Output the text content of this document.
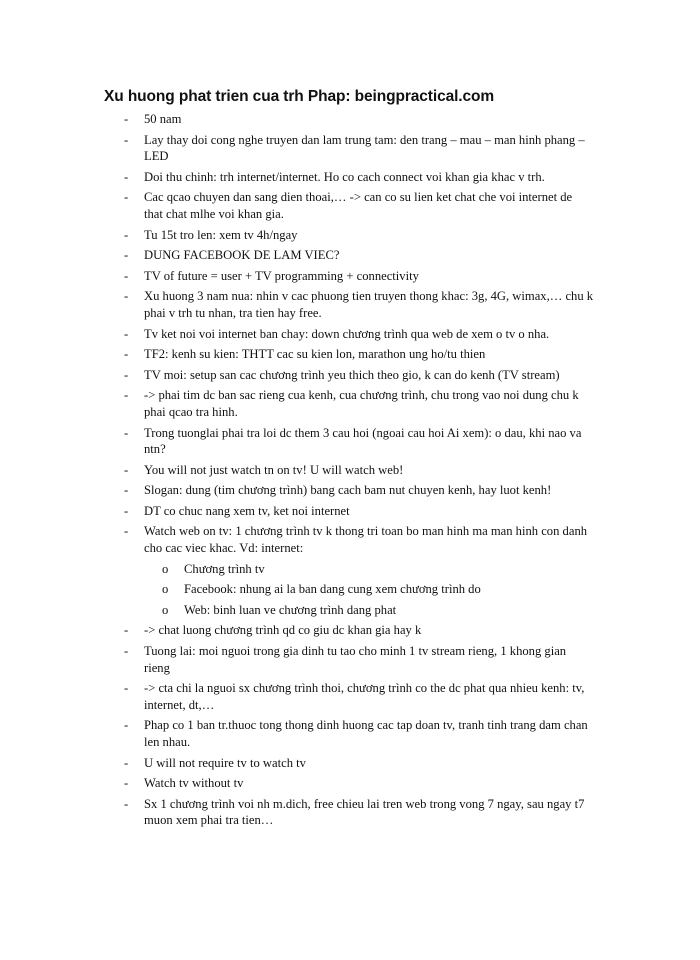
Xu huong phat trien cua trh Phap: beingpractical.com
- 50 nam
- Lay thay doi cong nghe truyen dan lam trung tam: den trang – mau – man hinh phang – LED
- Doi thu chinh: trh internet/internet. Ho co cach connect voi khan gia khac v trh.
- Cac qcao chuyen dan sang dien thoai,… -> can co su lien ket chat che voi internet de that chat mlhe voi khan gia.
- Tu 15t tro len: xem tv 4h/ngay
- DUNG FACEBOOK DE LAM VIEC?
- TV of future = user + TV programming + connectivity
- Xu huong 3 nam nua: nhin v cac phuong tien truyen thong khac: 3g, 4G, wimax,… chu k phai v trh tu nhan, tra tien hay free.
- Tv ket noi voi internet ban chay: down chương trình qua web de xem o tv o nha.
- TF2: kenh su kien: THTT cac su kien lon, marathon ung ho/tu thien
- TV moi: setup san cac chương trình yeu thich theo gio, k can do kenh (TV stream)
- -> phai tim dc ban sac rieng cua kenh, cua chương trình, chu trong vao noi dung chu k phai qcao tra hinh.
- Trong tuonglai phai tra loi dc them 3 cau hoi (ngoai cau hoi Ai xem): o dau, khi nao va ntn?
- You will not just watch tn on tv! U will watch web!
- Slogan: dung (tim chương trình) bang cach bam nut chuyen kenh, hay luot kenh!
- DT co chuc nang xem tv, ket noi internet
- Watch web on tv: 1 chương trình tv k thong tri toan bo man hinh ma man hinh con danh cho cac viec khac. Vd: internet:
o Chương trình tv
o Facebook: nhung ai la ban dang cung xem chương trình do
o Web: binh luan ve chương trình dang phat
- -> chat luong chương trình qd co giu dc khan gia hay k
- Tuong lai: moi nguoi trong gia dinh tu tao cho minh 1 tv stream rieng, 1 khong gian rieng
- -> cta chi la nguoi sx chương trình thoi, chương trình co the dc phat qua nhieu kenh: tv, internet, dt,…
- Phap co 1 ban tr.thuoc tong thong dinh huong cac tap doan tv, tranh tinh trang dam chan len nhau.
- U will not require tv to watch tv
- Watch tv without tv
- Sx 1 chương trình voi nh m.dich, free chieu lai tren web trong vong 7 ngay, sau ngay t7 muon xem phai tra tien…
